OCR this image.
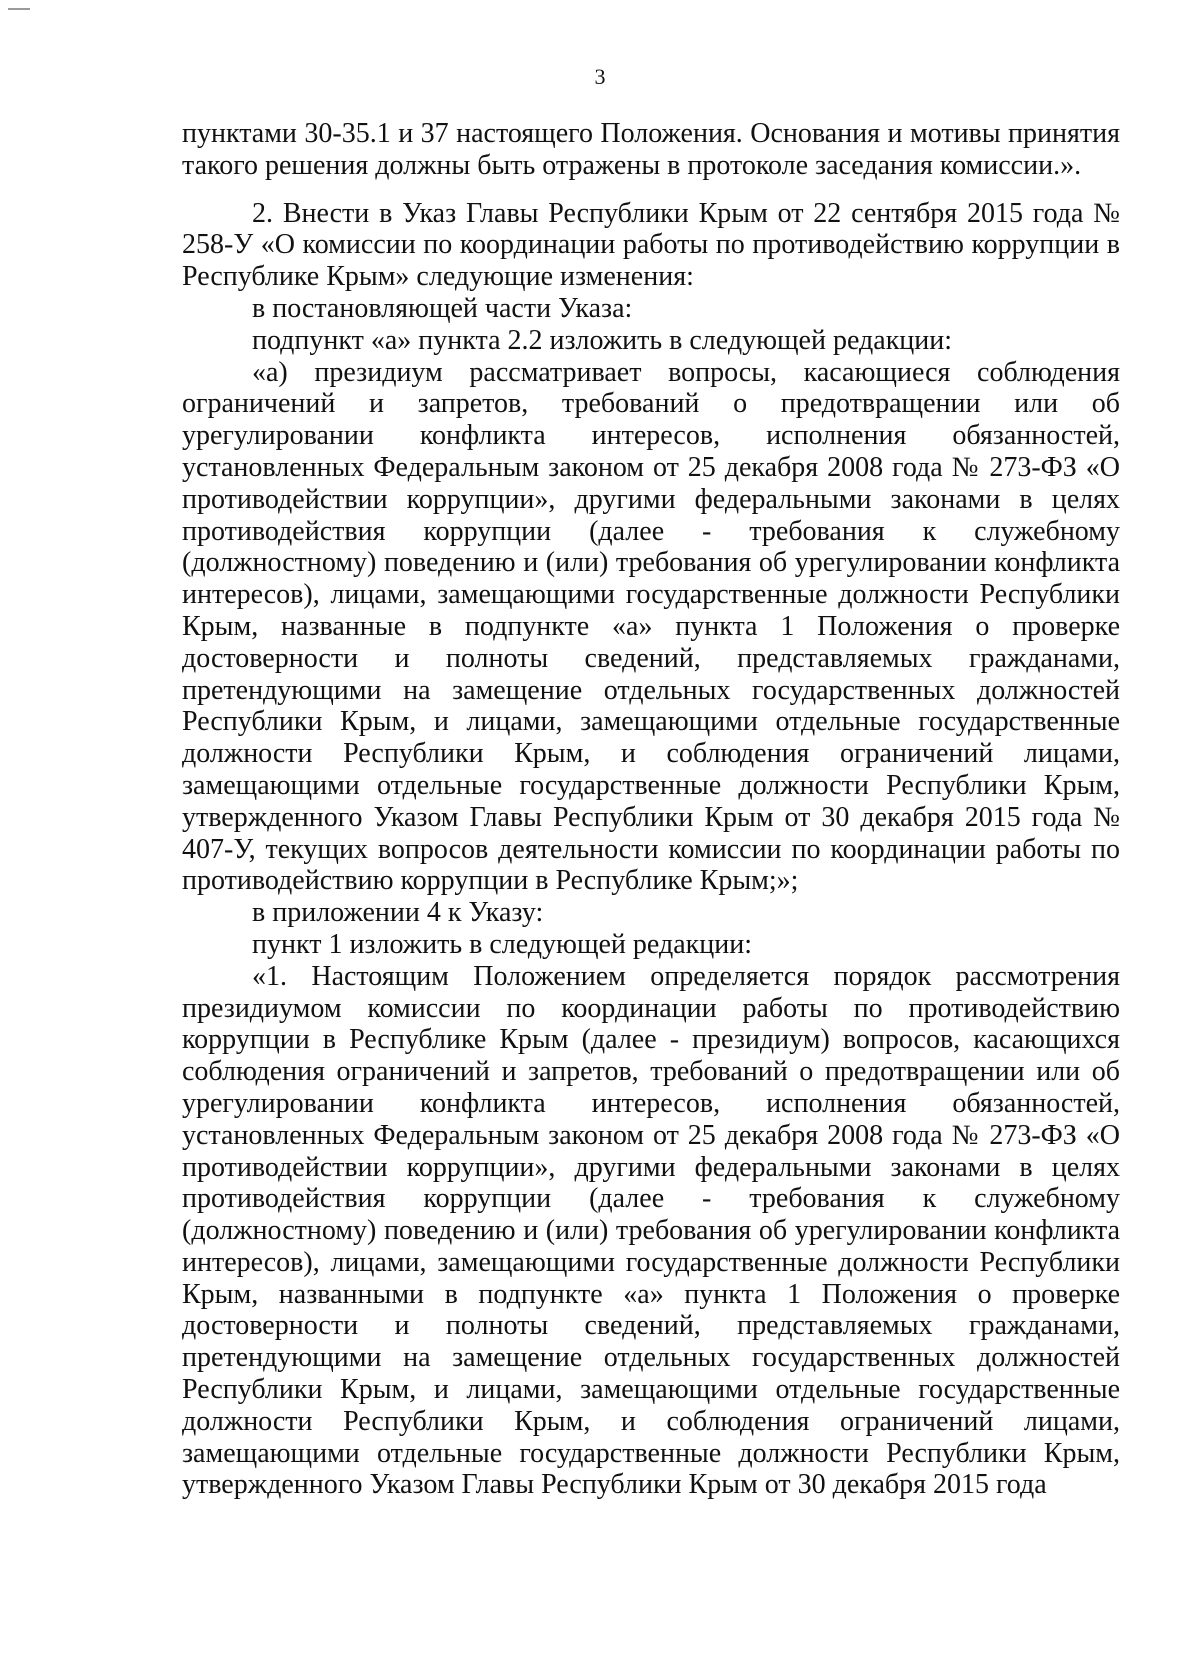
3

пунктами 30-35.1 и 37 настоящего Положения. Основания и мотивы принятия такого решения должны быть отражены в протоколе заседания комиссии.».

2. Внести в Указ Главы Республики Крым от 22 сентября 2015 года № 258-У «О комиссии по координации работы по противодействию коррупции в Республике Крым» следующие изменения:

в постановляющей части Указа:

подпункт «а» пункта 2.2 изложить в следующей редакции:

«а) президиум рассматривает вопросы, касающиеся соблюдения ограничений и запретов, требований о предотвращении или об урегулировании конфликта интересов, исполнения обязанностей, установленных Федеральным законом от 25 декабря 2008 года № 273-ФЗ «О противодействии коррупции», другими федеральными законами в целях противодействия коррупции (далее - требования к служебному (должностному) поведению и (или) требования об урегулировании конфликта интересов), лицами, замещающими государственные должности Республики Крым, названные в подпункте «а» пункта 1 Положения о проверке достоверности и полноты сведений, представляемых гражданами, претендующими на замещение отдельных государственных должностей Республики Крым, и лицами, замещающими отдельные государственные должности Республики Крым, и соблюдения ограничений лицами, замещающими отдельные государственные должности Республики Крым, утвержденного Указом Главы Республики Крым от 30 декабря 2015 года № 407-У, текущих вопросов деятельности комиссии по координации работы по противодействию коррупции в Республике Крым;»;

в приложении 4 к Указу:

пункт 1 изложить в следующей редакции:

«1. Настоящим Положением определяется порядок рассмотрения президиумом комиссии по координации работы по противодействию коррупции в Республике Крым (далее - президиум) вопросов, касающихся соблюдения ограничений и запретов, требований о предотвращении или об урегулировании конфликта интересов, исполнения обязанностей, установленных Федеральным законом от 25 декабря 2008 года № 273-ФЗ «О противодействии коррупции», другими федеральными законами в целях противодействия коррупции (далее - требования к служебному (должностному) поведению и (или) требования об урегулировании конфликта интересов), лицами, замещающими государственные должности Республики Крым, названными в подпункте «а» пункта 1 Положения о проверке достоверности и полноты сведений, представляемых гражданами, претендующими на замещение отдельных государственных должностей Республики Крым, и лицами, замещающими отдельные государственные должности Республики Крым, и соблюдения ограничений лицами, замещающими отдельные государственные должности Республики Крым, утвержденного Указом Главы Республики Крым от 30 декабря 2015 года
